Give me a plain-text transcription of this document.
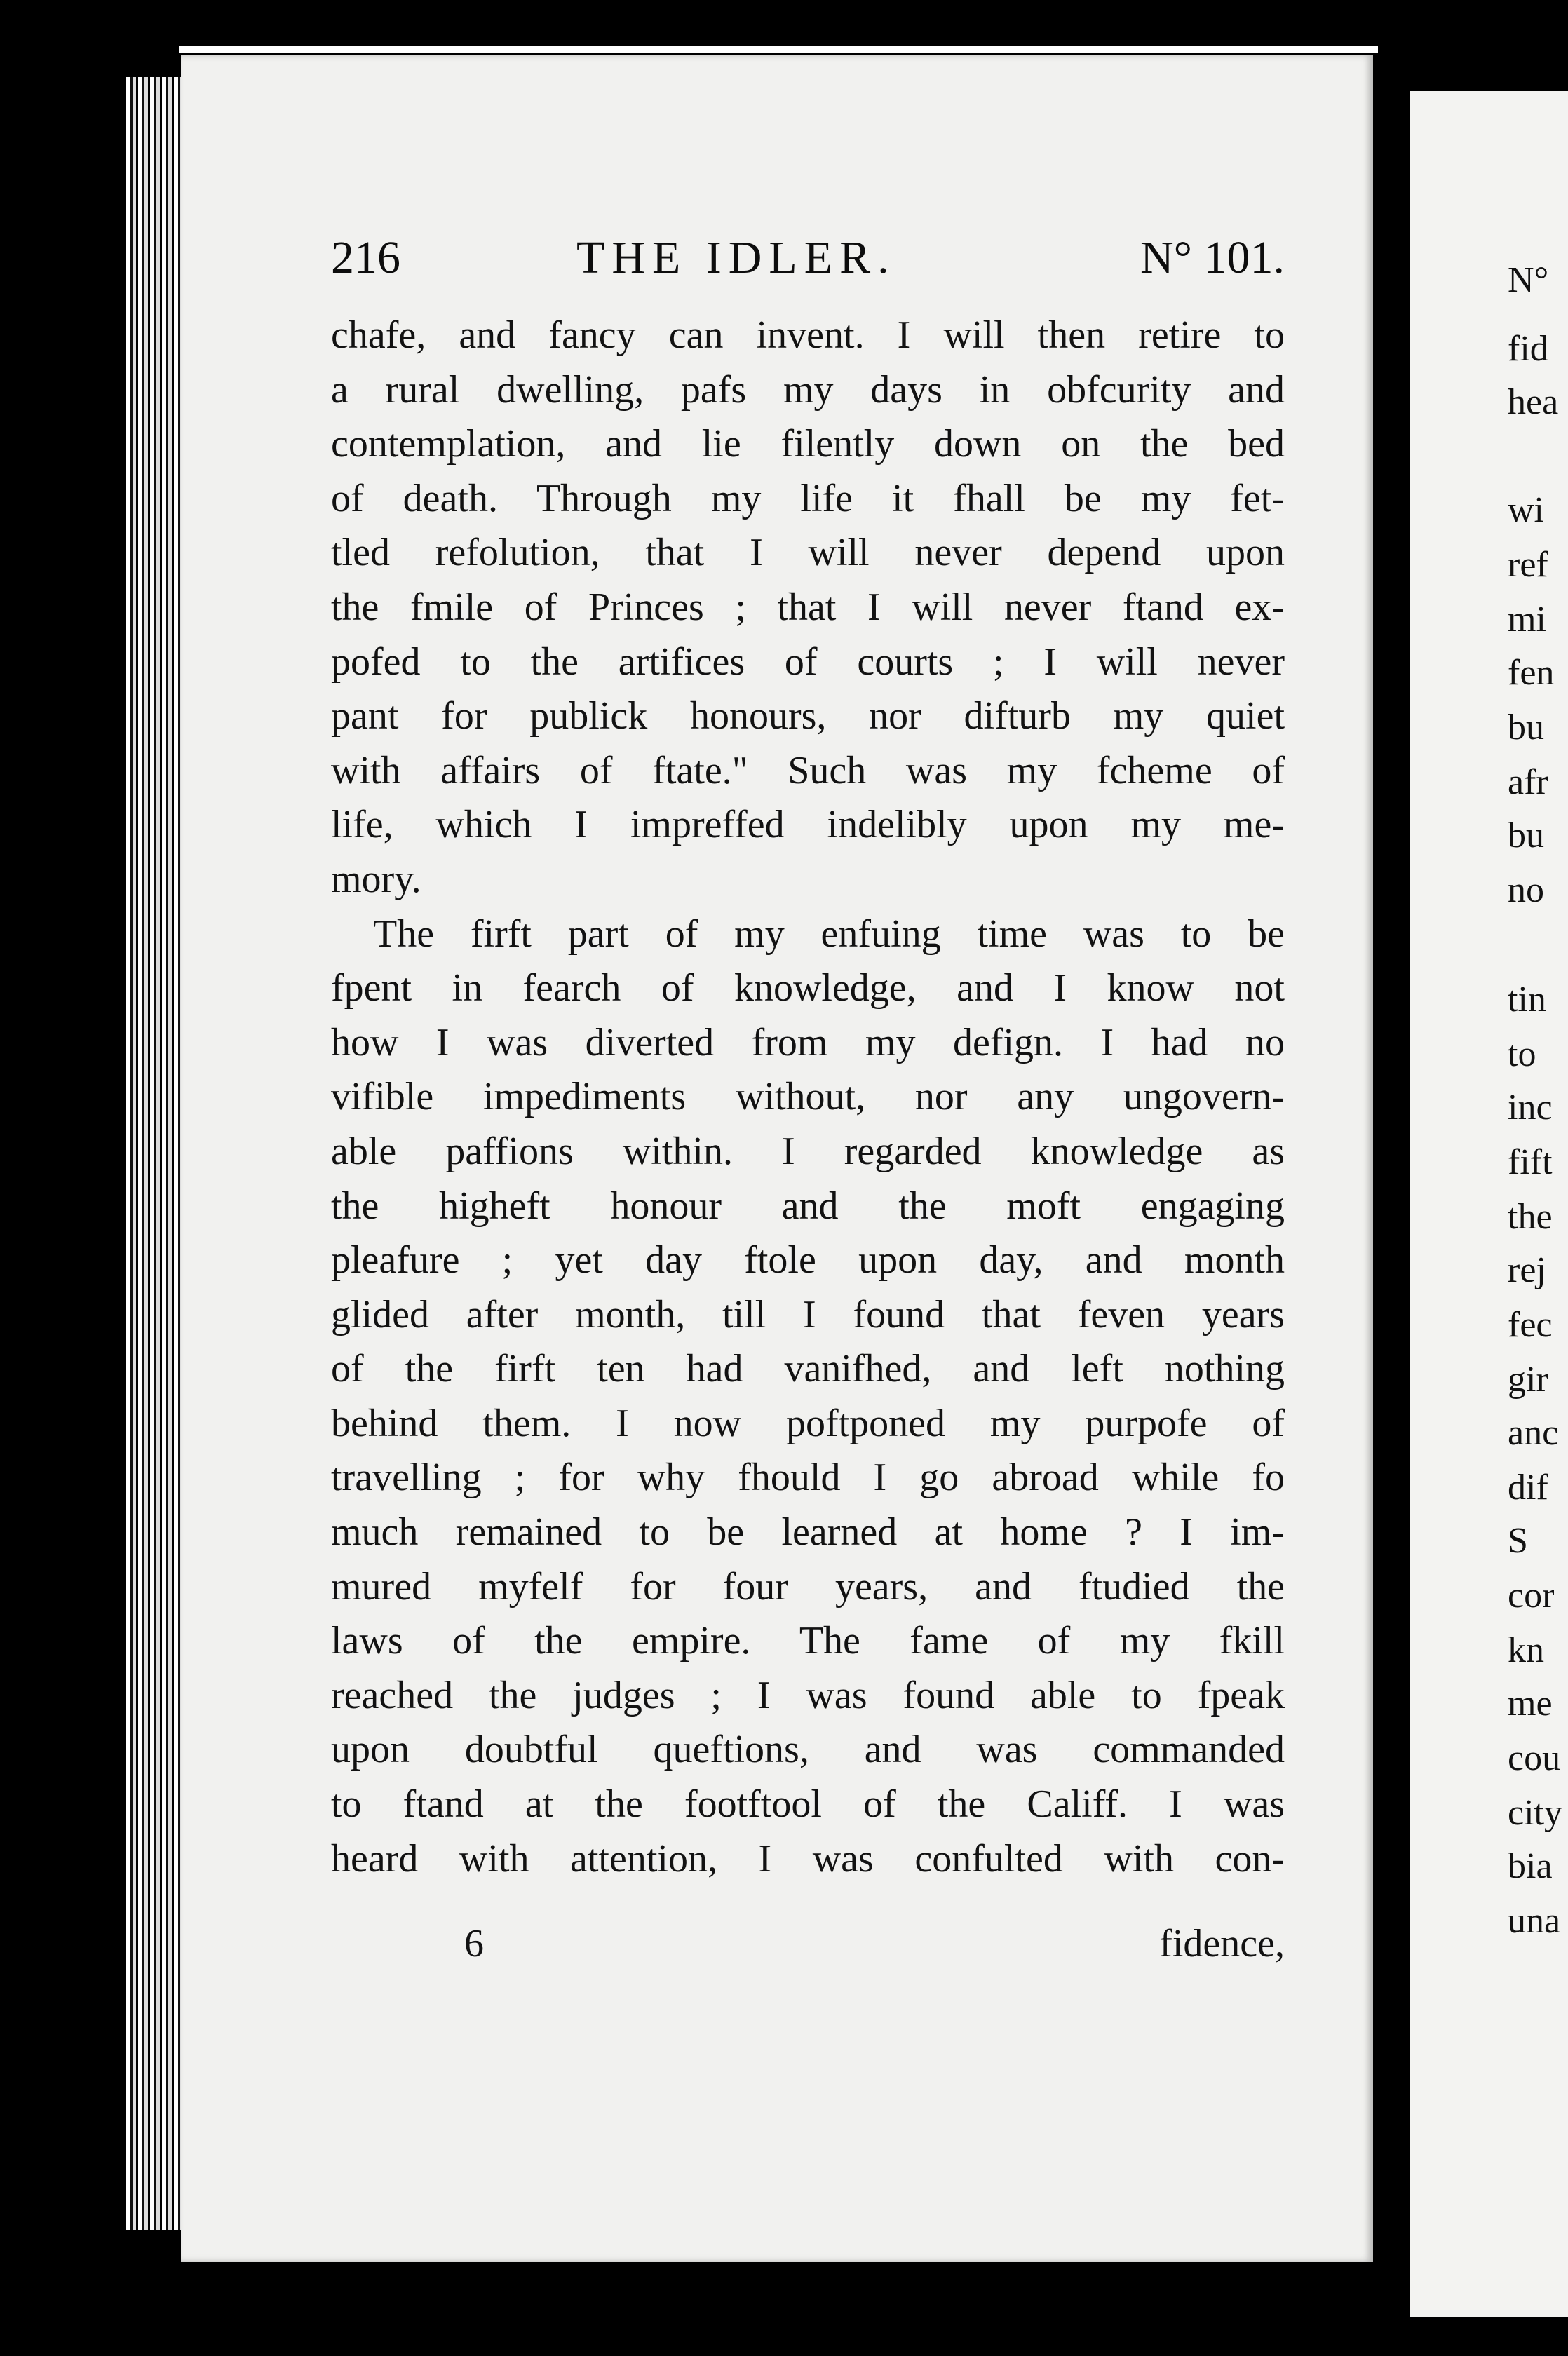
216	THE IDLER.	N° 101.
chafe, and fancy can invent. I will then retire to
a rural dwelling, pafs my days in obfcurity and
contemplation, and lie filently down on the bed
of death. Through my life it fhall be my fet-
tled refolution, that I will never depend upon
the fmile of Princes ; that I will never ftand ex-
pofed to the artifices of courts ; I will never
pant for publick honours, nor difturb my quiet
with affairs of ftate." Such was my fcheme of
life, which I impreffed indelibly upon my me-
mory.
The firft part of my enfuing time was to be
fpent in fearch of knowledge, and I know not
how I was diverted from my defign. I had no
vifible impediments without, nor any ungovern-
able paffions within. I regarded knowledge as
the higheft honour and the moft engaging
pleafure ; yet day ftole upon day, and month
glided after month, till I found that feven years
of the firft ten had vanifhed, and left nothing
behind them. I now poftponed my purpofe of
travelling ; for why fhould I go abroad while fo
much remained to be learned at home ? I im-
mured myfelf for four years, and ftudied the
laws of the empire. The fame of my fkill
reached the judges ; I was found able to fpeak
upon doubtful queftions, and was commanded
to ftand at the footftool of the Califf. I was
heard with attention, I was confulted with con-
6	fidence,
N°
fid
hea
wi
ref
mi
fen
bu
afr
bu
no
tin
to
inc
fift
the
rej
fec
gir
anc
dif
S
cor
kn
me
cou
city
bia
una
